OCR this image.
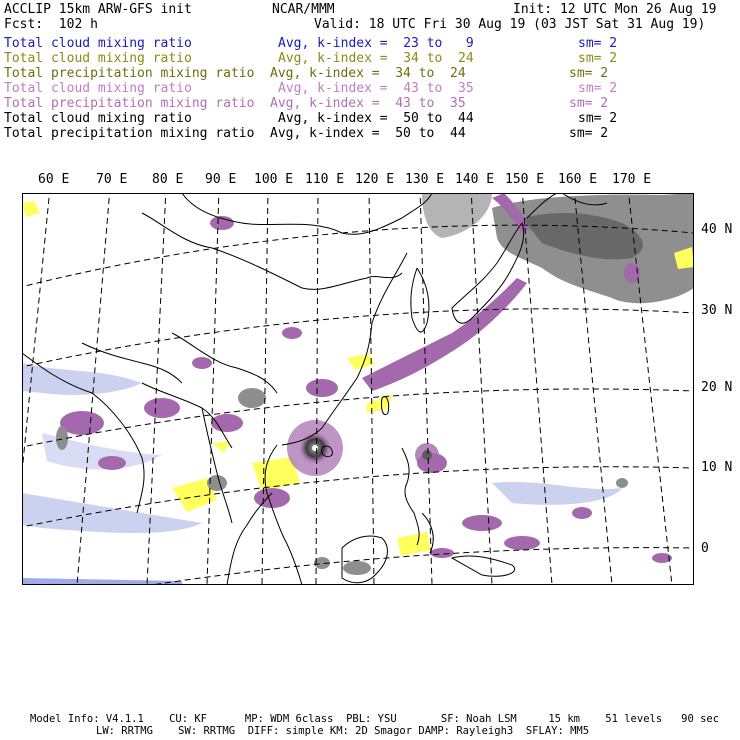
ACCLIP 15km ARW-GFS init	NCAR/MMM	Init: 12 UTC Mon 26 Aug 19
Fcst:  102 h	Valid: 18 UTC Fri 30 Aug 19 (03 JST Sat 31 Aug 19)
Total cloud mixing ratio	Avg, k-index =  23 to   9	sm= 2
Total cloud mixing ratio	Avg, k-index =  34 to  24	sm= 2
Total precipitation mixing ratio Avg, k-index =  34 to  24	sm= 2
Total cloud mixing ratio	Avg, k-index =  43 to  35	sm= 2
Total precipitation mixing ratio Avg, k-index =  43 to  35	sm= 2
Total cloud mixing ratio	Avg, k-index =  50 to  44	sm= 2
Total precipitation mixing ratio Avg, k-index =  50 to  44	sm= 2
60 E 70 E 80 E 90 E 100 E 110 E 120 E 130 E 140 E 150 E 160 E 170 E
40 N
30 N
20 N
10 N
0
Model Info: V4.1.1    CU: KF      MP: WDM 6class  PBL: YSU       SF: Noah LSM     15 km    51 levels   90 sec
LW: RRTMG    SW: RRTMG  DIFF: simple KM: 2D Smagor DAMP: Rayleigh3  SFLAY: MM5
